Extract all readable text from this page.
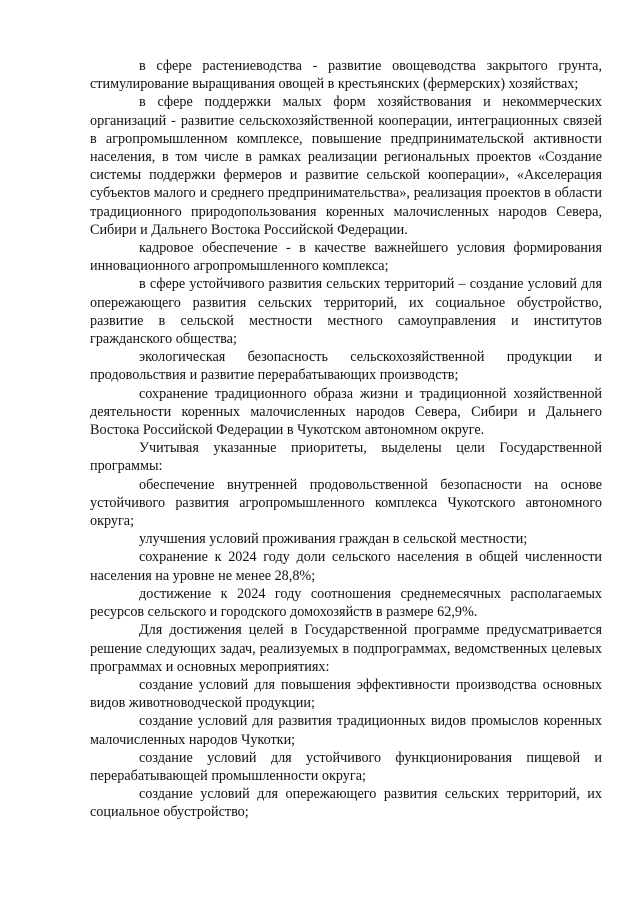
в сфере растениеводства - развитие овощеводства закрытого грунта, стимулирование выращивания овощей в крестьянских (фермерских) хозяйствах;

в сфере поддержки малых форм хозяйствования и некоммерческих организаций - развитие сельскохозяйственной кооперации, интеграционных связей в агропромышленном комплексе, повышение предпринимательской активности населения, в том числе в рамках реализации региональных проектов «Создание системы поддержки фермеров и развитие сельской кооперации», «Акселерация субъектов малого и среднего предпринимательства», реализация проектов в области традиционного природопользования коренных малочисленных народов Севера, Сибири и Дальнего Востока Российской Федерации.

кадровое обеспечение - в качестве важнейшего условия формирования инновационного агропромышленного комплекса;

в сфере устойчивого развития сельских территорий – создание условий для опережающего развития сельских территорий, их социальное обустройство, развитие в сельской местности местного самоуправления и институтов гражданского общества;

экологическая безопасность сельскохозяйственной продукции и продовольствия и развитие перерабатывающих производств;

сохранение традиционного образа жизни и традиционной хозяйственной деятельности коренных малочисленных народов Севера, Сибири и Дальнего Востока Российской Федерации в Чукотском автономном округе.

Учитывая указанные приоритеты, выделены цели Государственной программы:

обеспечение внутренней продовольственной безопасности на основе устойчивого развития агропромышленного комплекса Чукотского автономного округа;

улучшения условий проживания граждан в сельской местности;

сохранение к 2024 году доли сельского населения в общей численности населения на уровне не менее 28,8%;

достижение к 2024 году соотношения среднемесячных располагаемых ресурсов сельского и городского домохозяйств в размере 62,9%.

Для достижения целей в Государственной программе предусматривается решение следующих задач, реализуемых в подпрограммах, ведомственных целевых программах и основных мероприятиях:

создание условий для повышения эффективности производства основных видов животноводческой продукции;

создание условий для развития традиционных видов промыслов коренных малочисленных народов Чукотки;

создание условий для устойчивого функционирования пищевой и перерабатывающей промышленности округа;

создание условий для опережающего развития сельских территорий, их социальное обустройство;
